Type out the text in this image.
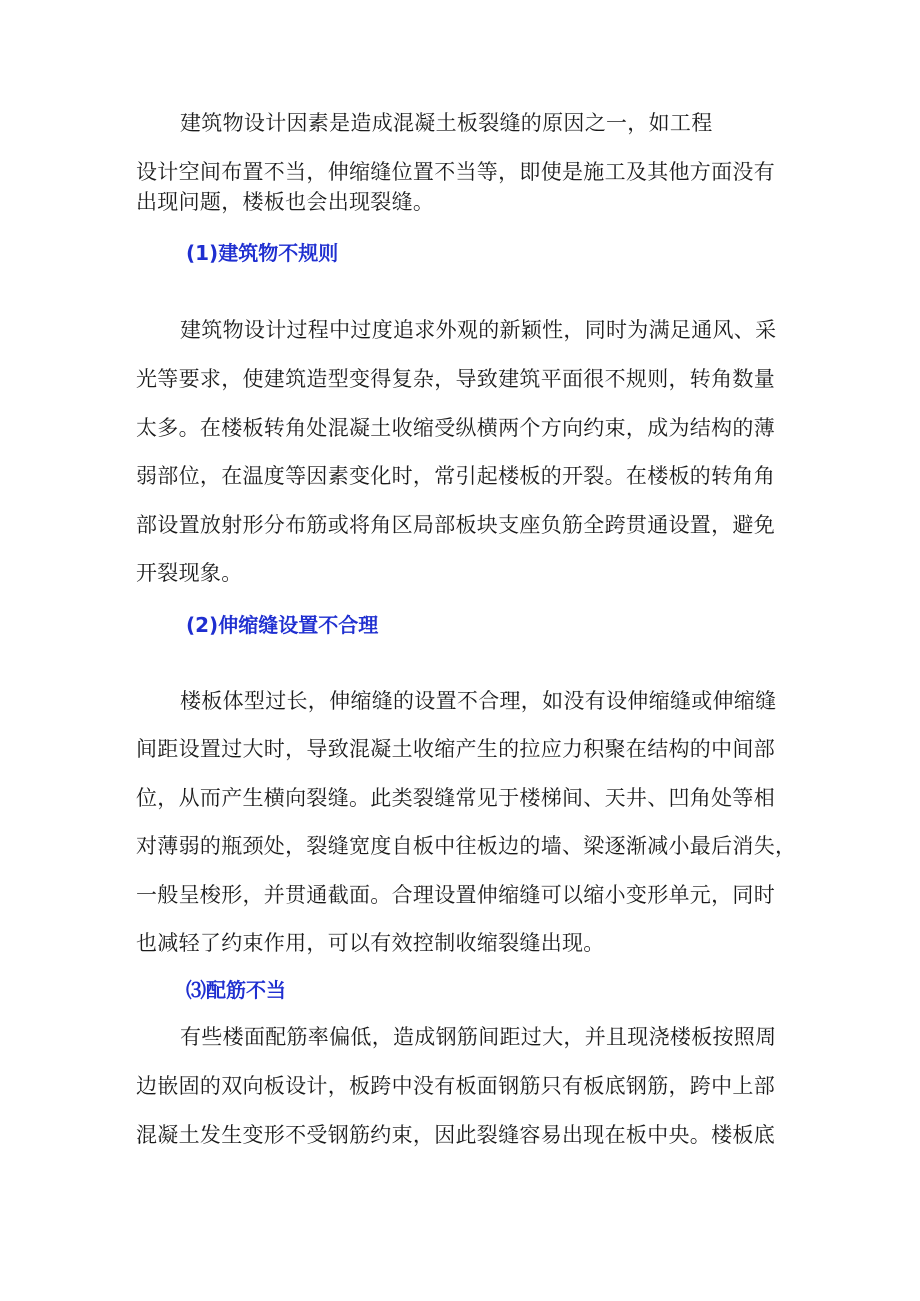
建筑物设计因素是造成混凝土板裂缝的原因之一，如工程
设计空间布置不当，伸缩缝位置不当等，即使是施工及其他方面没有
出现问题，楼板也会出现裂缝。
(1)建筑物不规则
建筑物设计过程中过度追求外观的新颖性，同时为满足通风、采
光等要求，使建筑造型变得复杂，导致建筑平面很不规则，转角数量
太多。在楼板转角处混凝土收缩受纵横两个方向约束，成为结构的薄
弱部位，在温度等因素变化时，常引起楼板的开裂。在楼板的转角角
部设置放射形分布筋或将角区局部板块支座负筋全跨贯通设置，避免
开裂现象。
(2)伸缩缝设置不合理
楼板体型过长，伸缩缝的设置不合理，如没有设伸缩缝或伸缩缝
间距设置过大时，导致混凝土收缩产生的拉应力积聚在结构的中间部
位，从而产生横向裂缝。此类裂缝常见于楼梯间、天井、凹角处等相
对薄弱的瓶颈处，裂缝宽度自板中往板边的墙、梁逐渐减小最后消失，
一般呈梭形，并贯通截面。合理设置伸缩缝可以缩小变形单元，同时
也减轻了约束作用，可以有效控制收缩裂缝出现。
⑶配筋不当
有些楼面配筋率偏低，造成钢筋间距过大，并且现浇楼板按照周
边嵌固的双向板设计，板跨中没有板面钢筋只有板底钢筋，跨中上部
混凝土发生变形不受钢筋约束，因此裂缝容易出现在板中央。楼板底
